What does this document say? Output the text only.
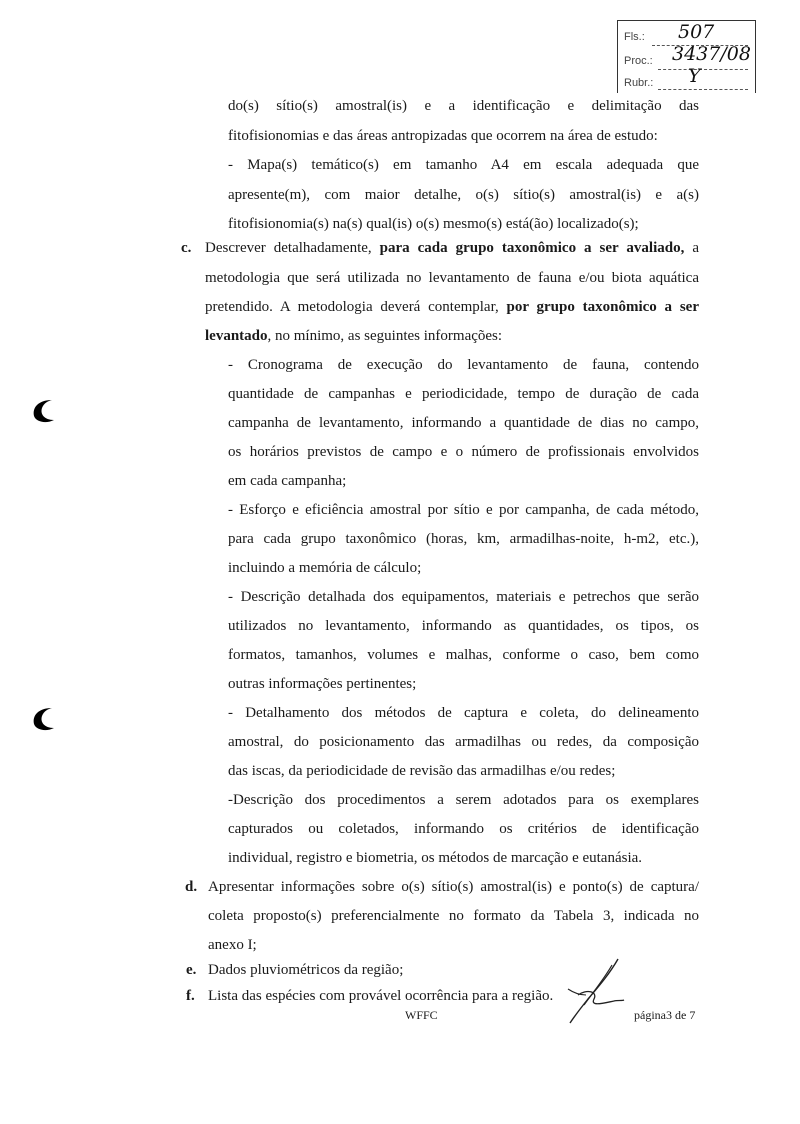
Fls.: 507
Proc.: 3437/08
Rubr.: Y
do(s) sítio(s) amostral(is) e a identificação e delimitação das
fitofisionomias e das áreas antropizadas que ocorrem na área de estudo:
- Mapa(s) temático(s) em tamanho A4 em escala adequada que
apresente(m), com maior detalhe, o(s) sítio(s) amostral(is) e a(s)
fitofisionomia(s) na(s) qual(is) o(s) mesmo(s) está(ão) localizado(s);
c. Descrever detalhadamente, para cada grupo taxonômico a ser avaliado, a
metodologia que será utilizada no levantamento de fauna e/ou biota aquática
pretendido. A metodologia deverá contemplar, por grupo taxonômico a ser
levantado, no mínimo, as seguintes informações:
- Cronograma de execução do levantamento de fauna, contendo
quantidade de campanhas e periodicidade, tempo de duração de cada
campanha de levantamento, informando a quantidade de dias no campo,
os horários previstos de campo e o número de profissionais envolvidos
em cada campanha;
- Esforço e eficiência amostral por sítio e por campanha, de cada método,
para cada grupo taxonômico (horas, km, armadilhas-noite, h-m2, etc.),
incluindo a memória de cálculo;
- Descrição detalhada dos equipamentos, materiais e petrechos que serão
utilizados no levantamento, informando as quantidades, os tipos, os
formatos, tamanhos, volumes e malhas, conforme o caso, bem como
outras informações pertinentes;
- Detalhamento dos métodos de captura e coleta, do delineamento
amostral, do posicionamento das armadilhas ou redes, da composição
das iscas, da periodicidade de revisão das armadilhas e/ou redes;
-Descrição dos procedimentos a serem adotados para os exemplares
capturados ou coletados, informando os critérios de identificação
individual, registro e biometria, os métodos de marcação e eutanásia.
d. Apresentar informações sobre o(s) sítio(s) amostral(is) e ponto(s) de captura/
coleta proposto(s) preferencialmente no formato da Tabela 3, indicada no
anexo I;
e. Dados pluviométricos da região;
f. Lista das espécies com provável ocorrência para a região.
WFFC	página3 de 7
